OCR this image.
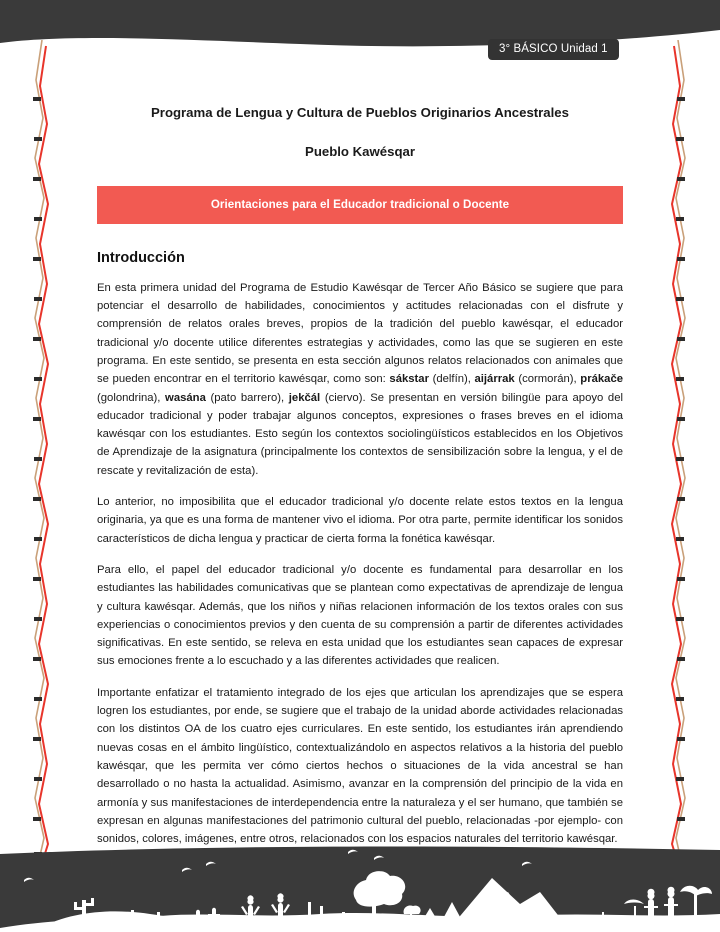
3° BÁSICO Unidad 1
Programa de Lengua y Cultura de Pueblos Originarios Ancestrales
Pueblo Kawésqar
Orientaciones para el Educador tradicional o Docente
Introducción

En esta primera unidad del Programa de Estudio Kawésqar de Tercer Año Básico se sugiere que para potenciar el desarrollo de habilidades, conocimientos y actitudes relacionadas con el disfrute y comprensión de relatos orales breves, propios de la tradición del pueblo kawésqar, el educador tradicional y/o docente utilice diferentes estrategias y actividades, como las que se sugieren en este programa. En este sentido, se presenta en esta sección algunos relatos relacionados con animales que se pueden encontrar en el territorio kawésqar, como son: sákstar (delfín), aijárrak (cormorán), prákače (golondrina), wasána (pato barrero), jekčál (ciervo). Se presentan en versión bilingüe para apoyo del educador tradicional y poder trabajar algunos conceptos, expresiones o frases breves en el idioma kawésqar con los estudiantes. Esto según los contextos sociolingüísticos establecidos en los Objetivos de Aprendizaje de la asignatura (principalmente los contextos de sensibilización sobre la lengua, y el de rescate y revitalización de esta).

Lo anterior, no imposibilita que el educador tradicional y/o docente relate estos textos en la lengua originaria, ya que es una forma de mantener vivo el idioma. Por otra parte, permite identificar los sonidos característicos de dicha lengua y practicar de cierta forma la fonética kawésqar.

Para ello, el papel del educador tradicional y/o docente es fundamental para desarrollar en los estudiantes las habilidades comunicativas que se plantean como expectativas de aprendizaje de lengua y cultura kawésqar. Además, que los niños y niñas relacionen información de los textos orales con sus experiencias o conocimientos previos y den cuenta de su comprensión a partir de diferentes actividades significativas. En este sentido, se releva en esta unidad que los estudiantes sean capaces de expresar sus emociones frente a lo escuchado y a las diferentes actividades que realicen.

Importante enfatizar el tratamiento integrado de los ejes que articulan los aprendizajes que se espera logren los estudiantes, por ende, se sugiere que el trabajo de la unidad aborde actividades relacionadas con los distintos OA de los cuatro ejes curriculares. En este sentido, los estudiantes irán aprendiendo nuevas cosas en el ámbito lingüístico, contextualizándolo en aspectos relativos a la historia del pueblo kawésqar, que les permita ver cómo ciertos hechos o situaciones de la vida ancestral se han desarrollado o no hasta la actualidad. Asimismo, avanzar en la comprensión del principio de la vida en armonía y sus manifestaciones de interdependencia entre la naturaleza y el ser humano, que también se expresan en algunas manifestaciones del patrimonio cultural del pueblo, relacionadas -por ejemplo- con sonidos, colores, imágenes, entre otros, relacionados con los espacios naturales del territorio kawésqar.
